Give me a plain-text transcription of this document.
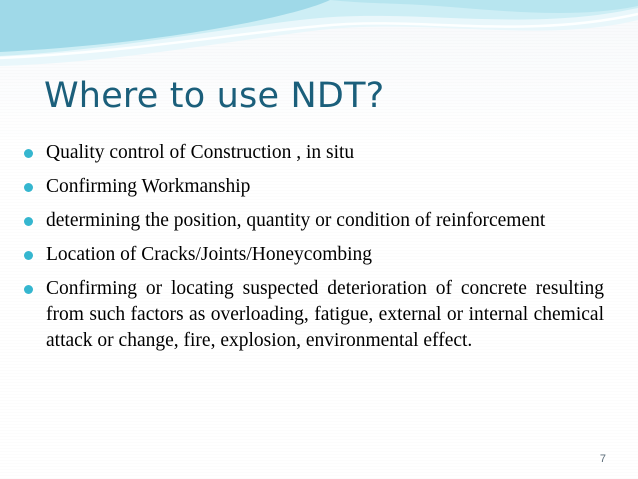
Where to use NDT?
Quality control of Construction , in situ
Confirming Workmanship
determining the position, quantity or condition of reinforcement
Location of Cracks/Joints/Honeycombing
Confirming or locating suspected deterioration of concrete resulting from such factors as overloading, fatigue, external or internal chemical attack or change, fire, explosion, environmental effect.
7
